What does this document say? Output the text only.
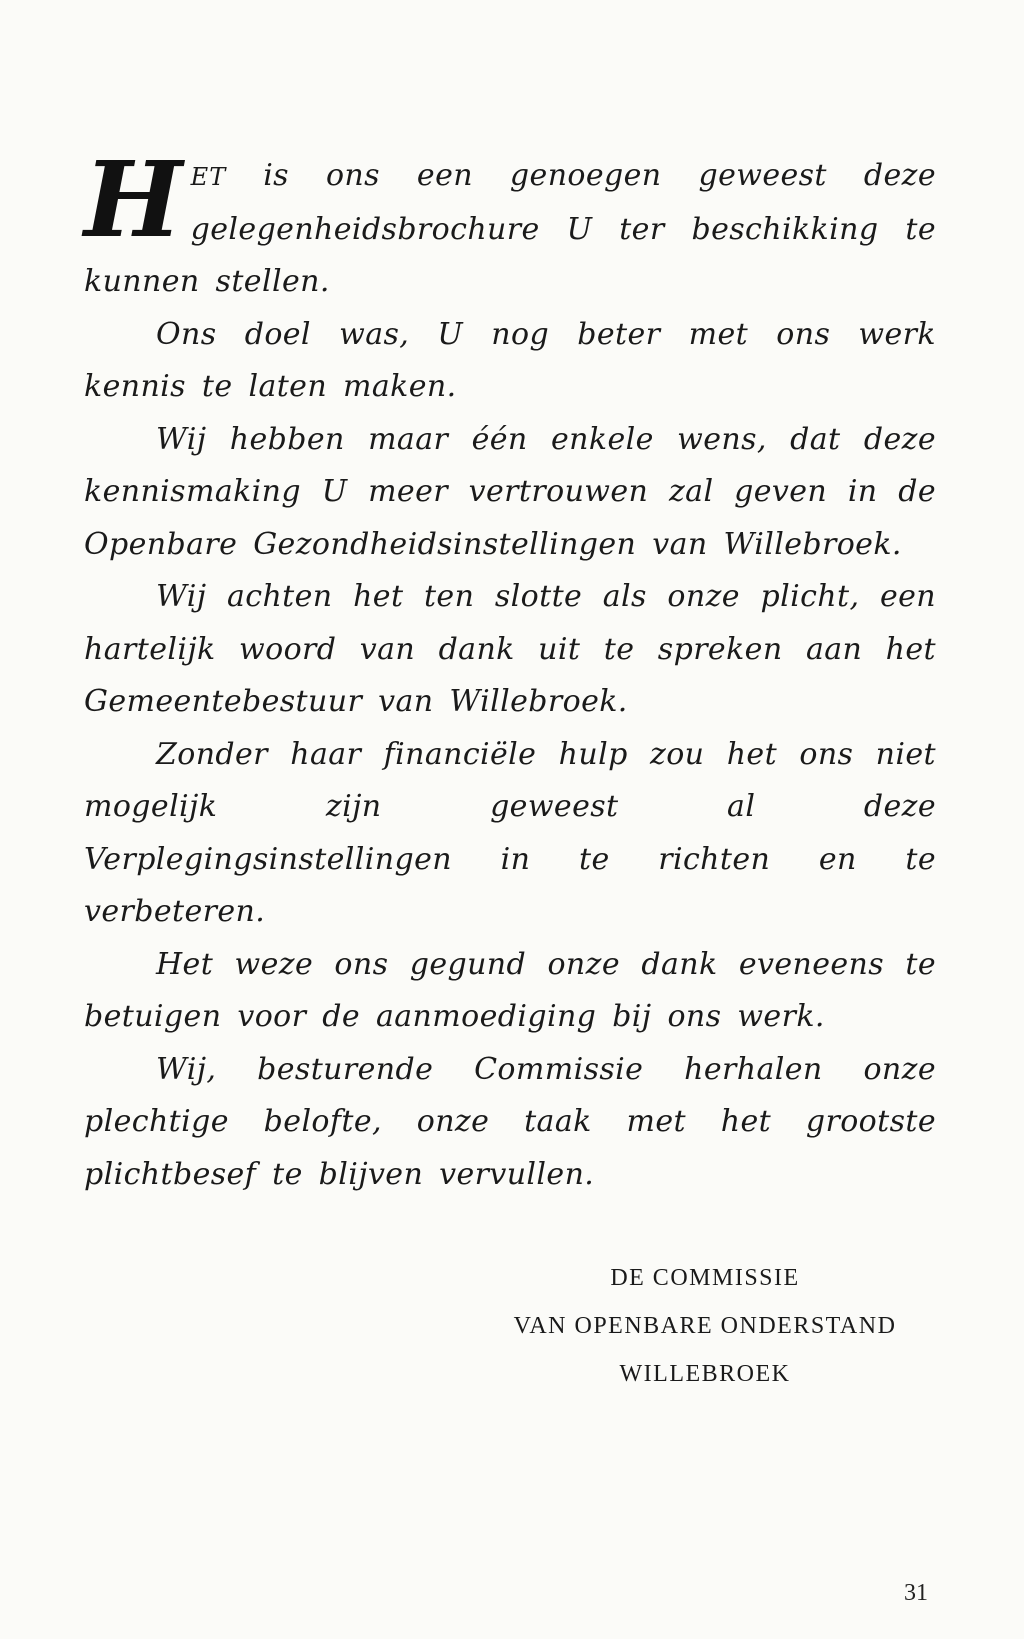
HET is ons een genoegen geweest deze gelegenheidsbrochure U ter beschikking te kunnen stellen.

Ons doel was, U nog beter met ons werk kennis te laten maken.

Wij hebben maar één enkele wens, dat deze kennismaking U meer vertrouwen zal geven in de Openbare Gezondheidsinstellingen van Willebroek.

Wij achten het ten slotte als onze plicht, een hartelijk woord van dank uit te spreken aan het Gemeentebestuur van Willebroek.

Zonder haar financiële hulp zou het ons niet mogelijk zijn geweest al deze Verplegingsinstellingen in te richten en te verbeteren.

Het weze ons gegund onze dank eveneens te betuigen voor de aanmoediging bij ons werk.

Wij, besturende Commissie herhalen onze plechtige belofte, onze taak met het grootste plichtbesef te blijven vervullen.

DE COMMISSIE
VAN OPENBARE ONDERSTAND
WILLEBROEK
31
